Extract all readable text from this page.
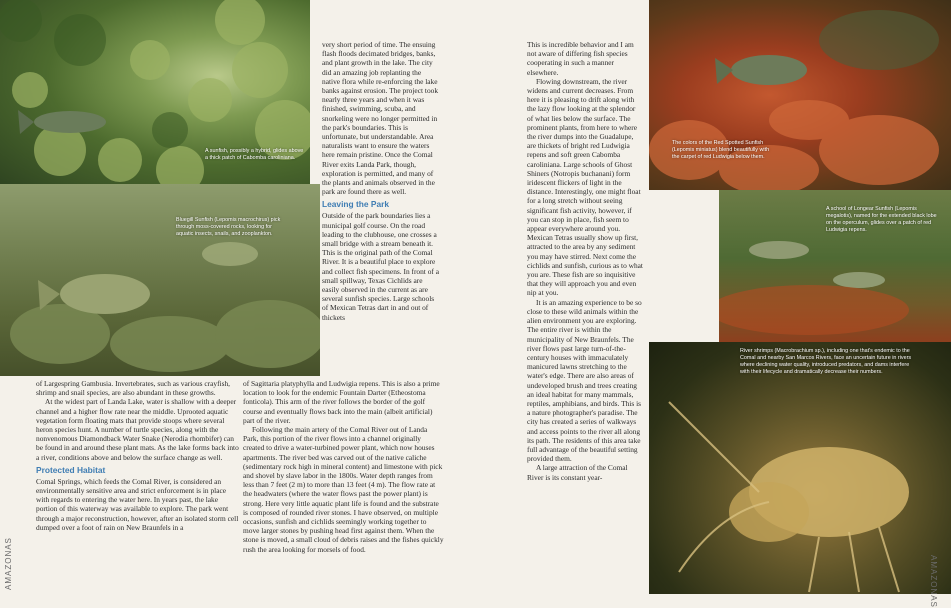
A sunfish, possibly a hybrid, glides above a thick patch of Cabomba caroliniana.
Bluegill Sunfish (Lepomis macrochirus) pick through moss-covered rocks, looking for aquatic insects, snails, and zooplankton.
The colors of the Red Spotted Sunfish (Lepomis miniatus) blend beautifully with the carpet of red Ludwigia below them.
A school of Longear Sunfish (Lepomis megalotis), named for the extended black lobe on the operculum, glides over a patch of red Ludwigia repens.
River shrimps (Macrobrachium sp.), including one that's endemic to the Comal and nearby San Marcos Rivers, face an uncertain future in rivers where declining water quality, introduced predators, and dams interfere with their lifecycle and dramatically decrease their numbers.

of Largespring Gambusia. Invertebrates, such as various crayfish, shrimp and snail species, are also abundant in these growths.

At the widest part of Landa Lake, water is shallow with a deeper channel and a higher flow rate near the middle. Uprooted aquatic vegetation form floating mats that provide stoops where several heron species hunt. A number of turtle species, along with the nonvenomous Diamondback Water Snake (Nerodia rhombifer) can be found in and around these plant mats. As the lake forms back into a river, conditions above and below the surface change as well.

Protected Habitat

Comal Springs, which feeds the Comal River, is considered an environmentally sensitive area and strict enforcement is in place with regards to entering the water here. In years past, the lake portion of this waterway was available to explore. The park went through a major reconstruction, however, after an isolated storm cell dumped over a foot of rain on New Braunfels in a

of Sagittaria platyphylla and Ludwigia repens. This is also a prime location to look for the endemic Fountain Darter (Etheostoma fonticola). This arm of the river follows the border of the golf course and eventually flows back into the main (albeit artificial) part of the river.

Following the main artery of the Comal River out of Landa Park, this portion of the river flows into a channel originally created to drive a water-turbined power plant, which now houses apartments. The river bed was carved out of the native caliche (sedimentary rock high in mineral content) and limestone with pick and shovel by slave labor in the 1800s. Water depth ranges from less than 7 feet (2 m) to more than 13 feet (4 m). The flow rate at the headwaters (where the water flows past the power plant) is strong. Here very little aquatic plant life is found and the substrate is composed of rounded river stones. I have observed, on multiple occasions, sunfish and cichlids seemingly working together to move larger stones by pushing head first against them. When the stone is moved, a small cloud of debris raises and the fishes quickly rush the area looking for morsels of food.

very short period of time. The ensuing flash floods decimated bridges, banks, and plant growth in the lake. The city did an amazing job replanting the native flora while re-enforcing the lake banks against erosion. The project took nearly three years and when it was finished, swimming, scuba, and snorkeling were no longer permitted in the park's boundaries. This is unfortunate, but understandable. Area naturalists want to ensure the waters here remain pristine. Once the Comal River exits Landa Park, though, exploration is permitted, and many of the plants and animals observed in the park are found there as well.

Leaving the Park

Outside of the park boundaries lies a municipal golf course. On the road leading to the clubhouse, one crosses a small bridge with a stream beneath it. This is the original path of the Comal River. It is a beautiful place to explore and collect fish specimens. In front of a small spillway, Texas Cichlids are easily observed in the current as are several sunfish species. Large schools of Mexican Tetras dart in and out of thickets

This is incredible behavior and I am not aware of differing fish species cooperating in such a manner elsewhere.

Flowing downstream, the river widens and current decreases. From here it is pleasing to drift along with the lazy flow looking at the splendor of what lies below the surface. The prominent plants, from here to where the river dumps into the Guadalupe, are thickets of bright red Ludwigia repens and soft green Cabomba caroliniana. Large schools of Ghost Shiners (Notropis buchanani) form iridescent flickers of light in the distance. Interestingly, one might float for a long stretch without seeing significant fish activity, however, if you can stop in place, fish seem to appear everywhere around you. Mexican Tetras usually show up first, attracted to the area by any sediment you may have stirred. Next come the cichlids and sunfish, curious as to what you are. These fish are so inquisitive that they will approach you and even nip at you.

It is an amazing experience to be so close to these wild animals within the alien environment you are exploring. The entire river is within the municipality of New Braunfels. The river flows past large turn-of-the-century houses with immaculately manicured lawns stretching to the water's edge. There are also areas of undeveloped brush and trees creating an ideal habitat for many mammals, reptiles, amphibians, and birds. This is a nature photographer's paradise. The city has created a series of walkways and access points to the river all along its path. The residents of this area take full advantage of the beautiful setting provided them.

A large attraction of the Comal River is its constant year-

AMAZONAS	AMAZONAS
